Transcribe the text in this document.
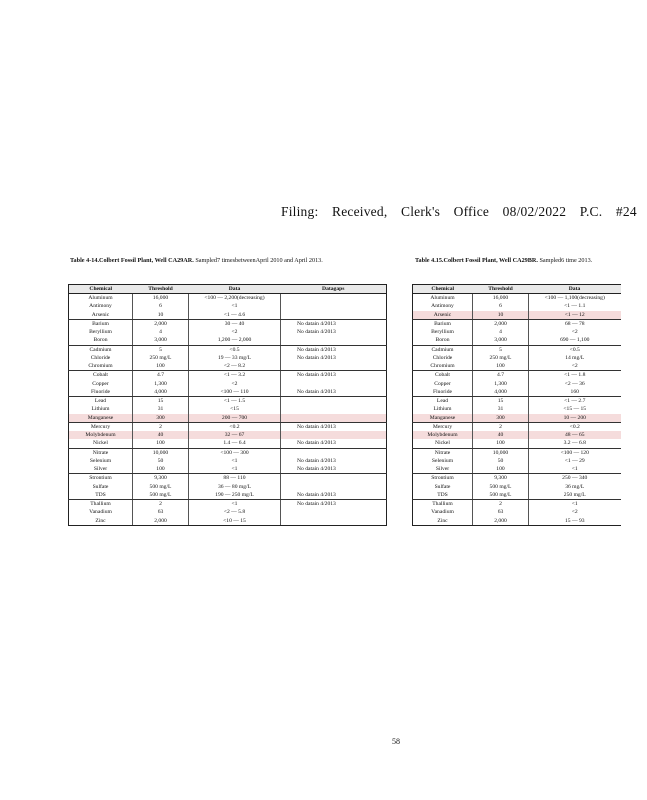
Filing: Received, Clerk's Office 08/02/2022 P.C. #24
Table 4-14.Colbert Fossil Plant, Well CA29AR. Sampled7 timesbetweenApril 2010 and April 2013.
Chemical	Threshold	Data	Datagaps
Aluminum	16,000	<100 — 2,200(decreasing)	
Antimony	6	<1	
Arsenic	10	<1 — 4.6	
Barium	2,000	30 — 40	No datain 4/2013
Beryllium	4	<2	No datain 4/2013
Boron	3,000	1,200 — 2,000	
Cadmium	5	<0.5	No datain 4/2013
Chloride	250 mg/L	19 — 33 mg/L	No datain 4/2013
Chromium	100	<2 — 8.2	
Cobalt	4.7	<1 — 3.2	No datain 4/2013
Copper	1,300	<2	
Fluoride	4,000	<100 — 110	No datain 4/2013
Lead	15	<1 — 1.5	
Lithium	31	<15	
Manganese	300	200 — 700	
Mercury	2	<0.2	No datain 4/2013
Molybdenum	40	32 — 67	
Nickel	100	1.4 — 6.4	No datain 4/2013
Nitrate	10,000	<100 — 300	
Selenium	50	<1	No datain 4/2013
Silver	100	<1	No datain 4/2013
Strontium	9,300	88 — 110	
Sulfate	500 mg/L	36 — 80 mg/L	
TDS	500 mg/L	190 — 250 mg/L	No datain 4/2013
Thallium	2	<1	No datain 4/2013
Vanadium	63	<2 — 5.8	
Zinc	2,000	<10 — 15	
Table 4.15.Colbert Fossil Plant, Well CA29BR. Sampled6 time 2013.
Chemical	Threshold	Data
Aluminum	16,000	<100 — 1,100(decreasing)
Antimony	6	<1 — 1.1
Arsenic	10	<1 — 12
Barium	2,000	68 — 78
Beryllium	4	<2
Boron	3,000	690 — 1,100
Cadmium	5	<0.5
Chloride	250 mg/L	14 mg/L
Chromium	100	<2
Cobalt	4.7	<1 — 1.8
Copper	1,300	<2 — 36
Fluoride	4,000	160
Lead	15	<1 — 2.7
Lithium	31	<15 — 15
Manganese	300	10 — 200
Mercury	2	<0.2
Molybdenum	40	48 — 65
Nickel	100	3.2 — 6.8
Nitrate	10,000	<100 — 120
Selenium	50	<1 — 29
Silver	100	<1
Strontium	9,300	250 — 340
Sulfate	500 mg/L	36 mg/L
TDS	500 mg/L	250 mg/L
Thallium	2	<1
Vanadium	63	<2
Zinc	2,000	15 — 93
58
